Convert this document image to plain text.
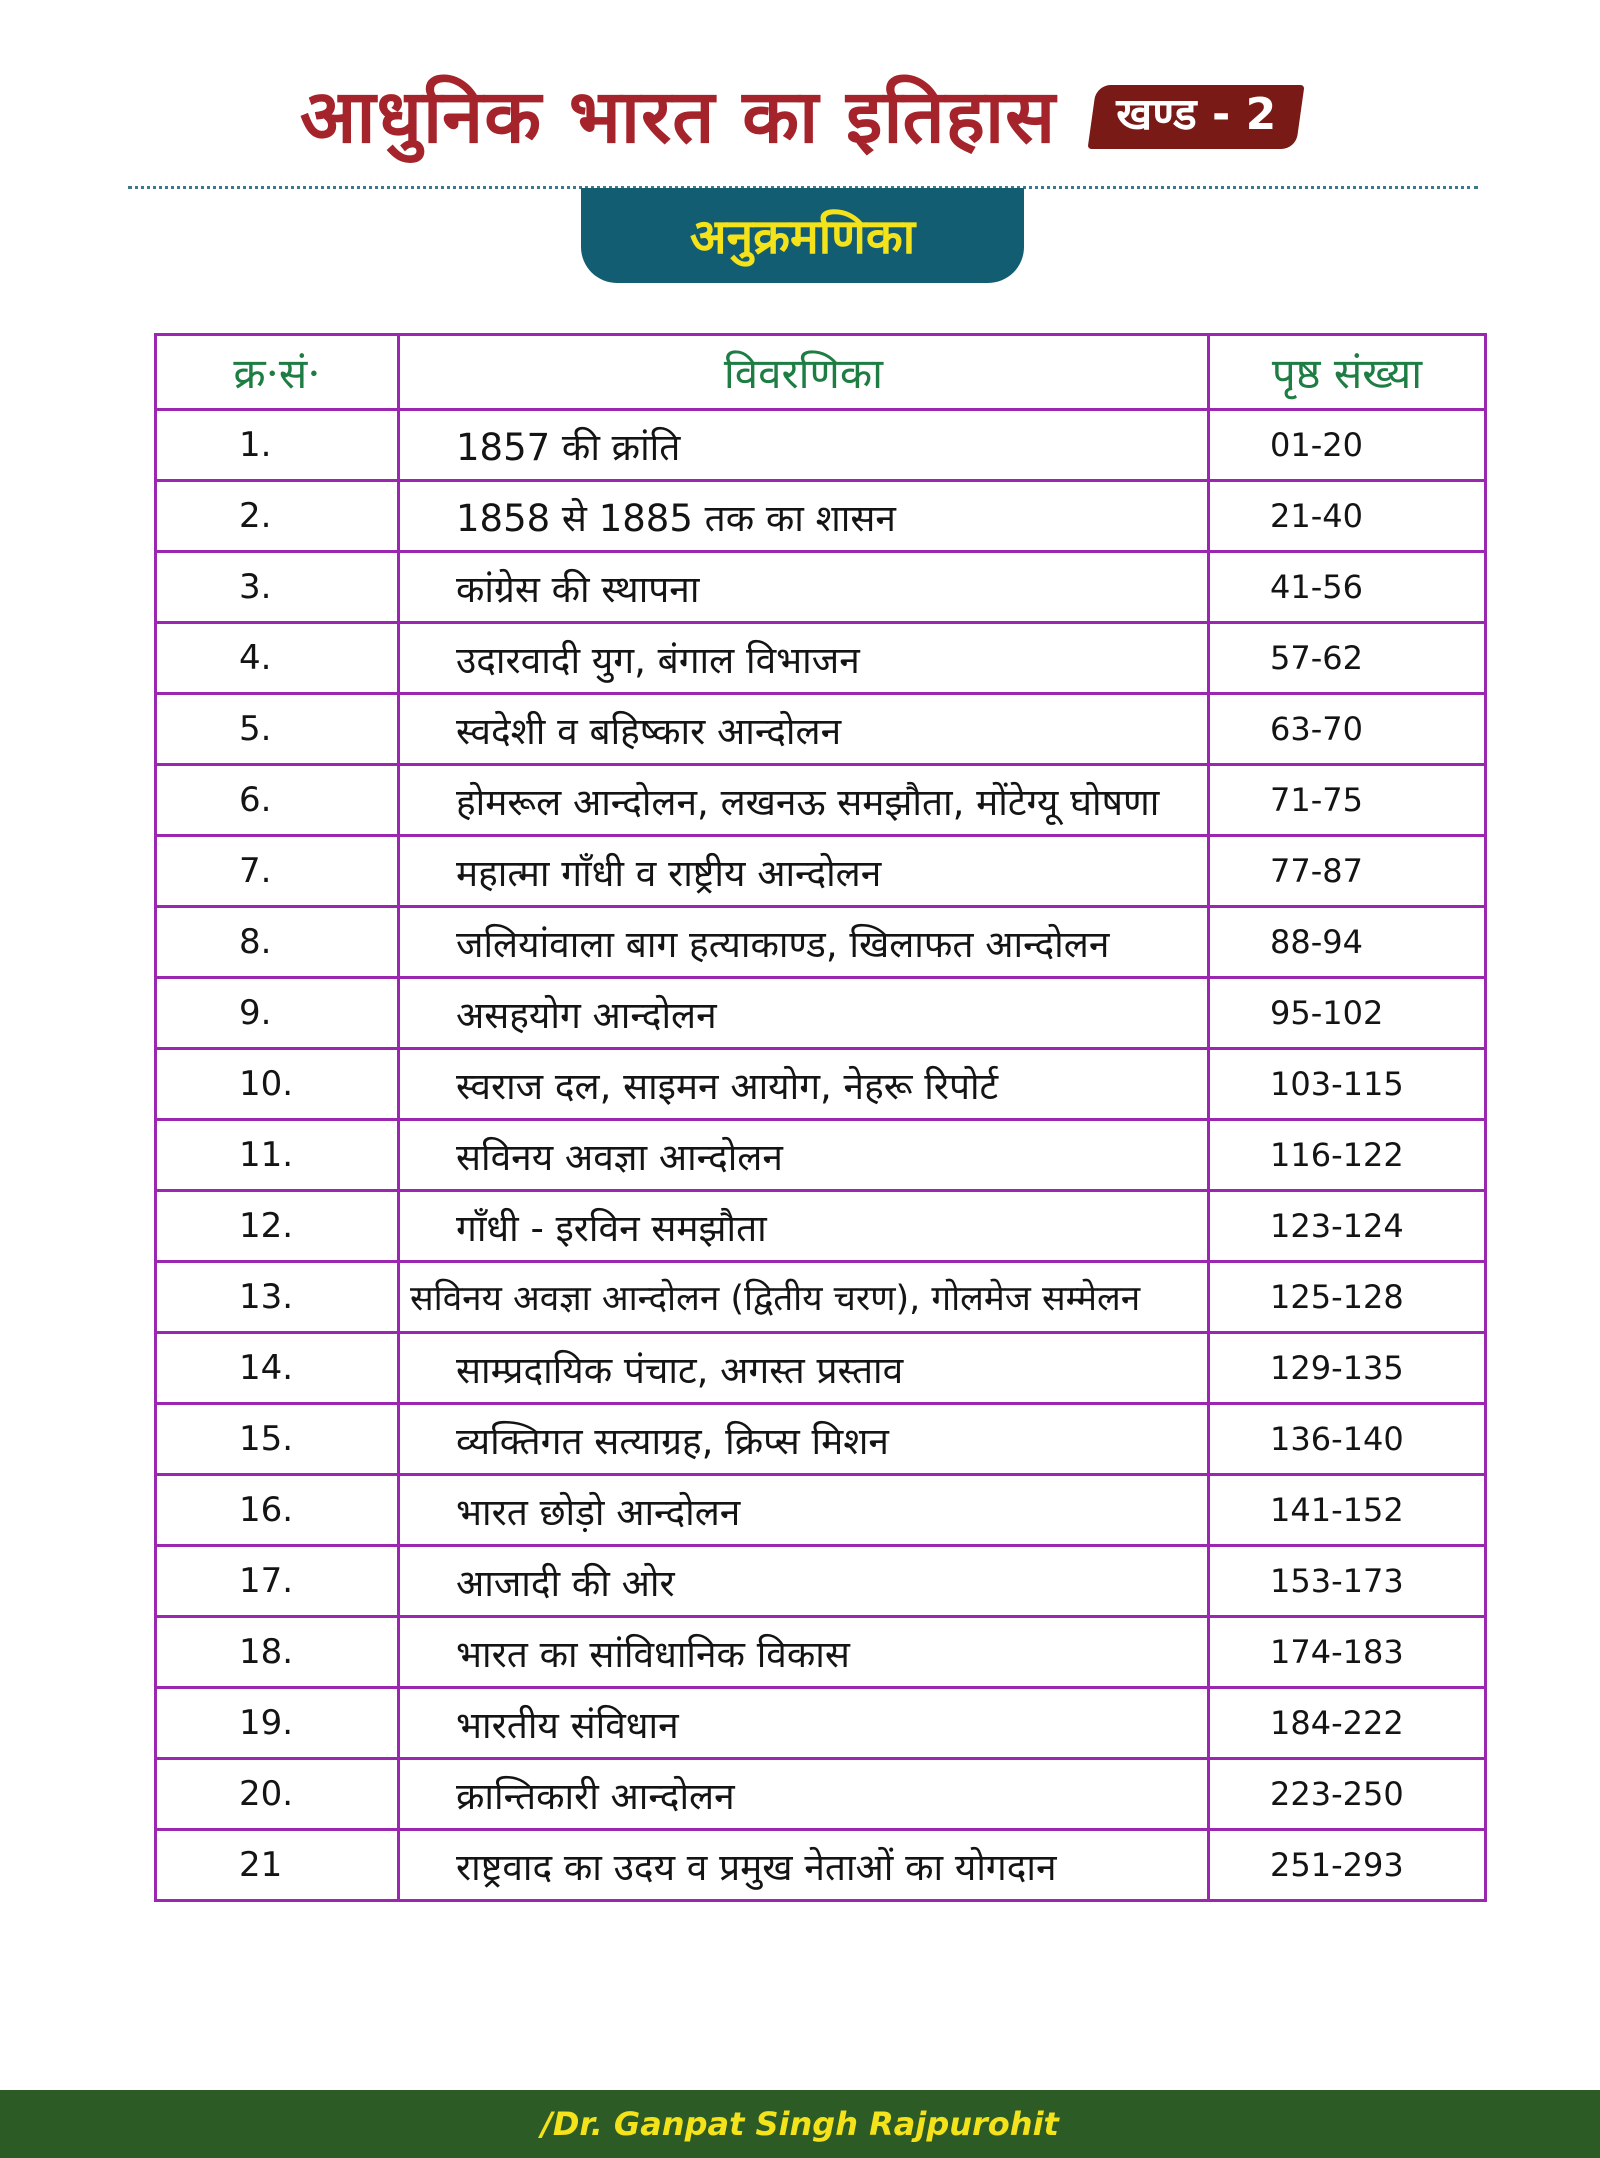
आधुनिक भारत का इतिहास	खण्ड - 2
अनुक्रमणिका
क्र·सं·	विवरणिका	पृष्ठ संख्या
1.	1857 की क्रांति	01-20
2.	1858 से 1885 तक का शासन	21-40
3.	कांग्रेस की स्थापना	41-56
4.	उदारवादी युग, बंगाल विभाजन	57-62
5.	स्वदेशी व बहिष्कार आन्दोलन	63-70
6.	होमरूल आन्दोलन, लखनऊ समझौता, मोंटेग्यू घोषणा	71-75
7.	महात्मा गाँधी व राष्ट्रीय आन्दोलन	77-87
8.	जलियांवाला बाग हत्याकाण्ड, खिलाफत आन्दोलन	88-94
9.	असहयोग आन्दोलन	95-102
10.	स्वराज दल, साइमन आयोग, नेहरू रिपोर्ट	103-115
11.	सविनय अवज्ञा आन्दोलन	116-122
12.	गाँधी - इरविन समझौता	123-124
13.	सविनय अवज्ञा आन्दोलन (द्वितीय चरण), गोलमेज सम्मेलन	125-128
14.	साम्प्रदायिक पंचाट, अगस्त प्रस्ताव	129-135
15.	व्यक्तिगत सत्याग्रह, क्रिप्स मिशन	136-140
16.	भारत छोड़ो आन्दोलन	141-152
17.	आजादी की ओर	153-173
18.	भारत का सांविधानिक विकास	174-183
19.	भारतीय संविधान	184-222
20.	क्रान्तिकारी आन्दोलन	223-250
21	राष्ट्रवाद का उदय व प्रमुख नेताओं का योगदान	251-293
/Dr. Ganpat Singh Rajpurohit
